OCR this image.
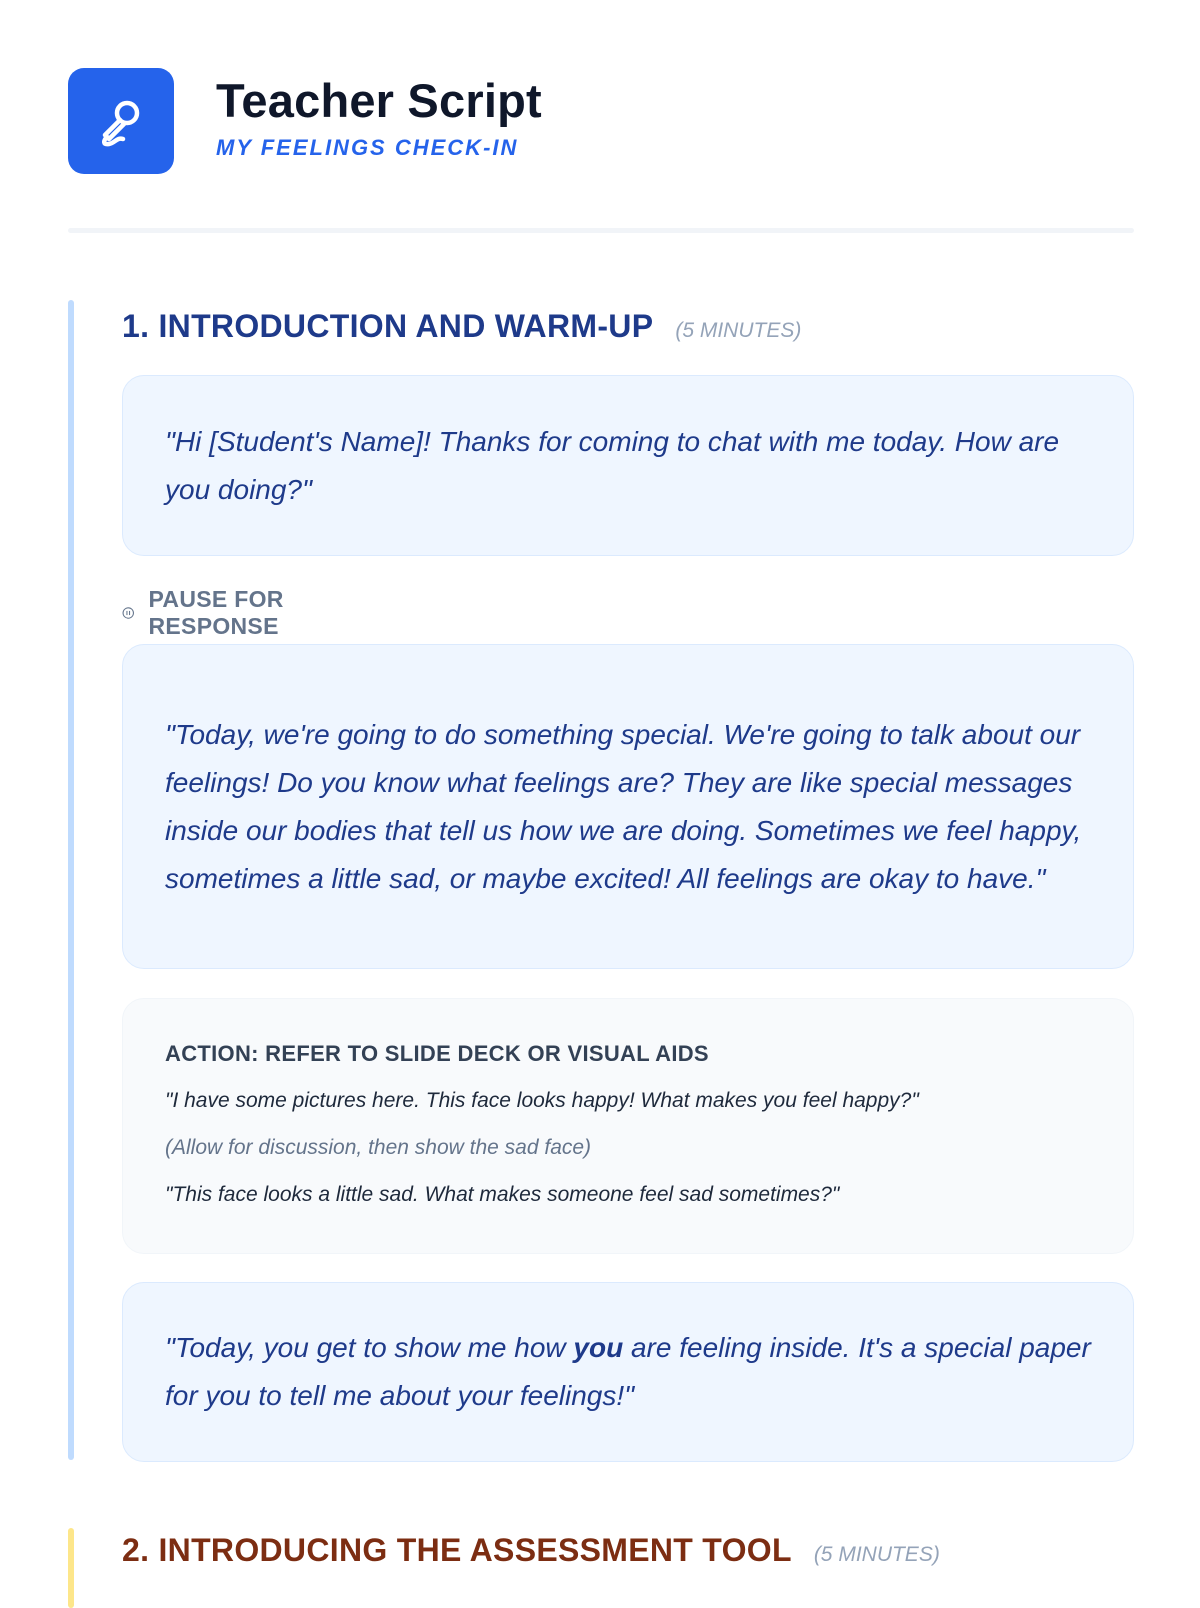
Teacher Script
MY FEELINGS CHECK-IN
1. INTRODUCTION AND WARM-UP (5 MINUTES)
"Hi [Student's Name]! Thanks for coming to chat with me today. How are you doing?"
PAUSE FOR RESPONSE
"Today, we're going to do something special. We're going to talk about our feelings! Do you know what feelings are? They are like special messages inside our bodies that tell us how we are doing. Sometimes we feel happy, sometimes a little sad, or maybe excited! All feelings are okay to have."
ACTION: REFER TO SLIDE DECK OR VISUAL AIDS
"I have some pictures here. This face looks happy! What makes you feel happy?"
(Allow for discussion, then show the sad face)
"This face looks a little sad. What makes someone feel sad sometimes?"
"Today, you get to show me how you are feeling inside. It's a special paper for you to tell me about your feelings!"
2. INTRODUCING THE ASSESSMENT TOOL (5 MINUTES)
